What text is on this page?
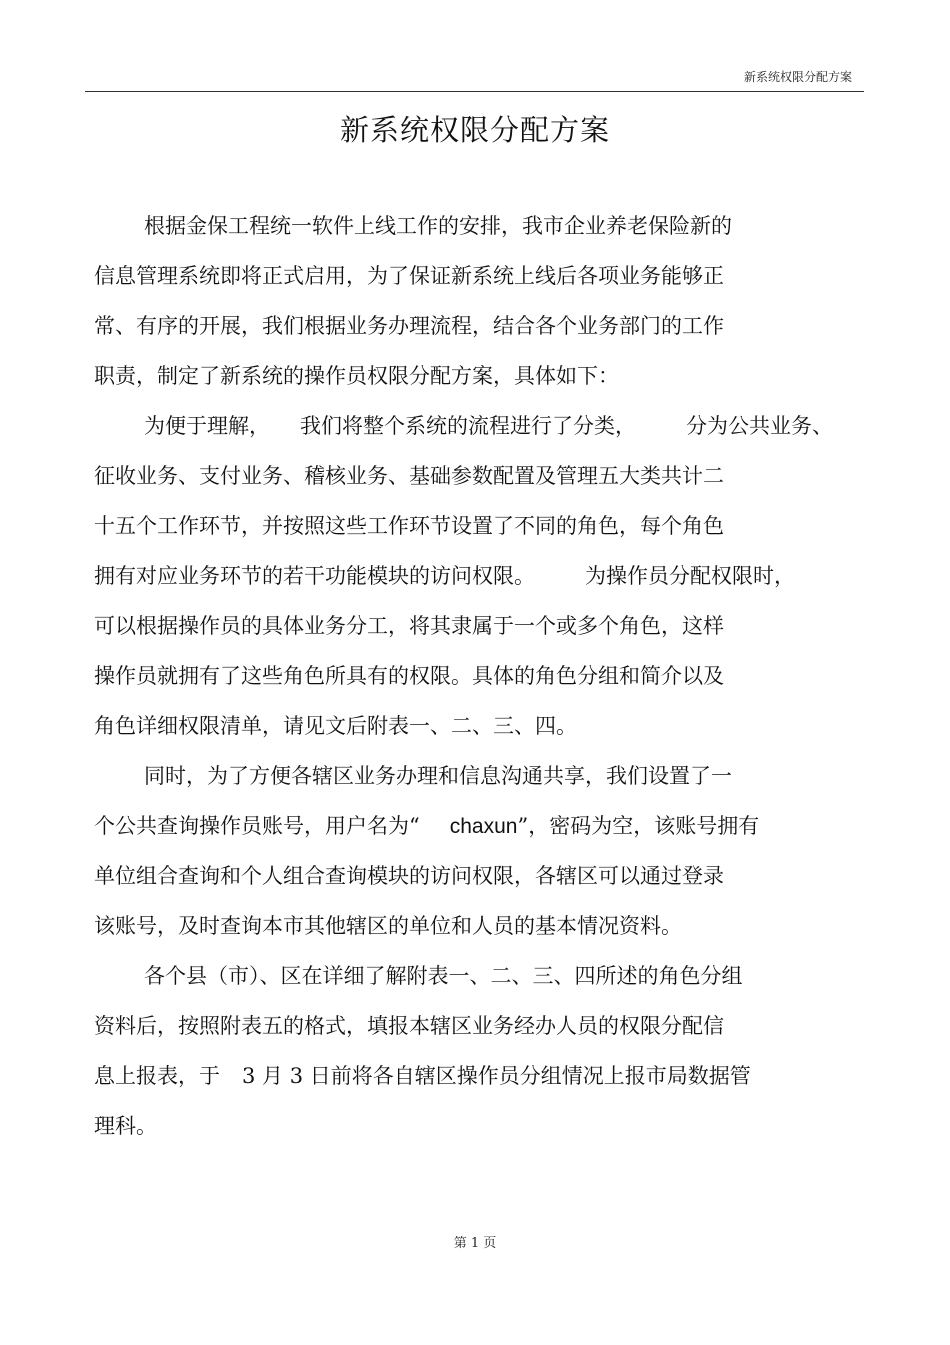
新系统权限分配方案
新系统权限分配方案
根据金保工程统一软件上线工作的安排，我市企业养老保险新的
信息管理系统即将正式启用，为了保证新系统上线后各项业务能够正
常、有序的开展，我们根据业务办理流程，结合各个业务部门的工作
职责，制定了新系统的操作员权限分配方案，具体如下：
为便于理解， 我们将整个系统的流程进行了分类， 分为公共业务、
征收业务、支付业务、稽核业务、基础参数配置及管理五大类共计二
十五个工作环节，并按照这些工作环节设置了不同的角色，每个角色
拥有对应业务环节的若干功能模块的访问权限。 为操作员分配权限时，
可以根据操作员的具体业务分工，将其隶属于一个或多个角色，这样
操作员就拥有了这些角色所具有的权限。具体的角色分组和简介以及
角色详细权限清单，请见文后附表一、二、三、四。
同时，为了方便各辖区业务办理和信息沟通共享，我们设置了一
个公共查询操作员账号，用户名为“ chaxun”，密码为空，该账号拥有
单位组合查询和个人组合查询模块的访问权限，各辖区可以通过登录
该账号，及时查询本市其他辖区的单位和人员的基本情况资料。
各个县（市）、区在详细了解附表一、二、三、四所述的角色分组
资料后，按照附表五的格式，填报本辖区业务经办人员的权限分配信
息上报表，于 3 月 3 日前将各自辖区操作员分组情况上报市局数据管
理科。
第 1 页
